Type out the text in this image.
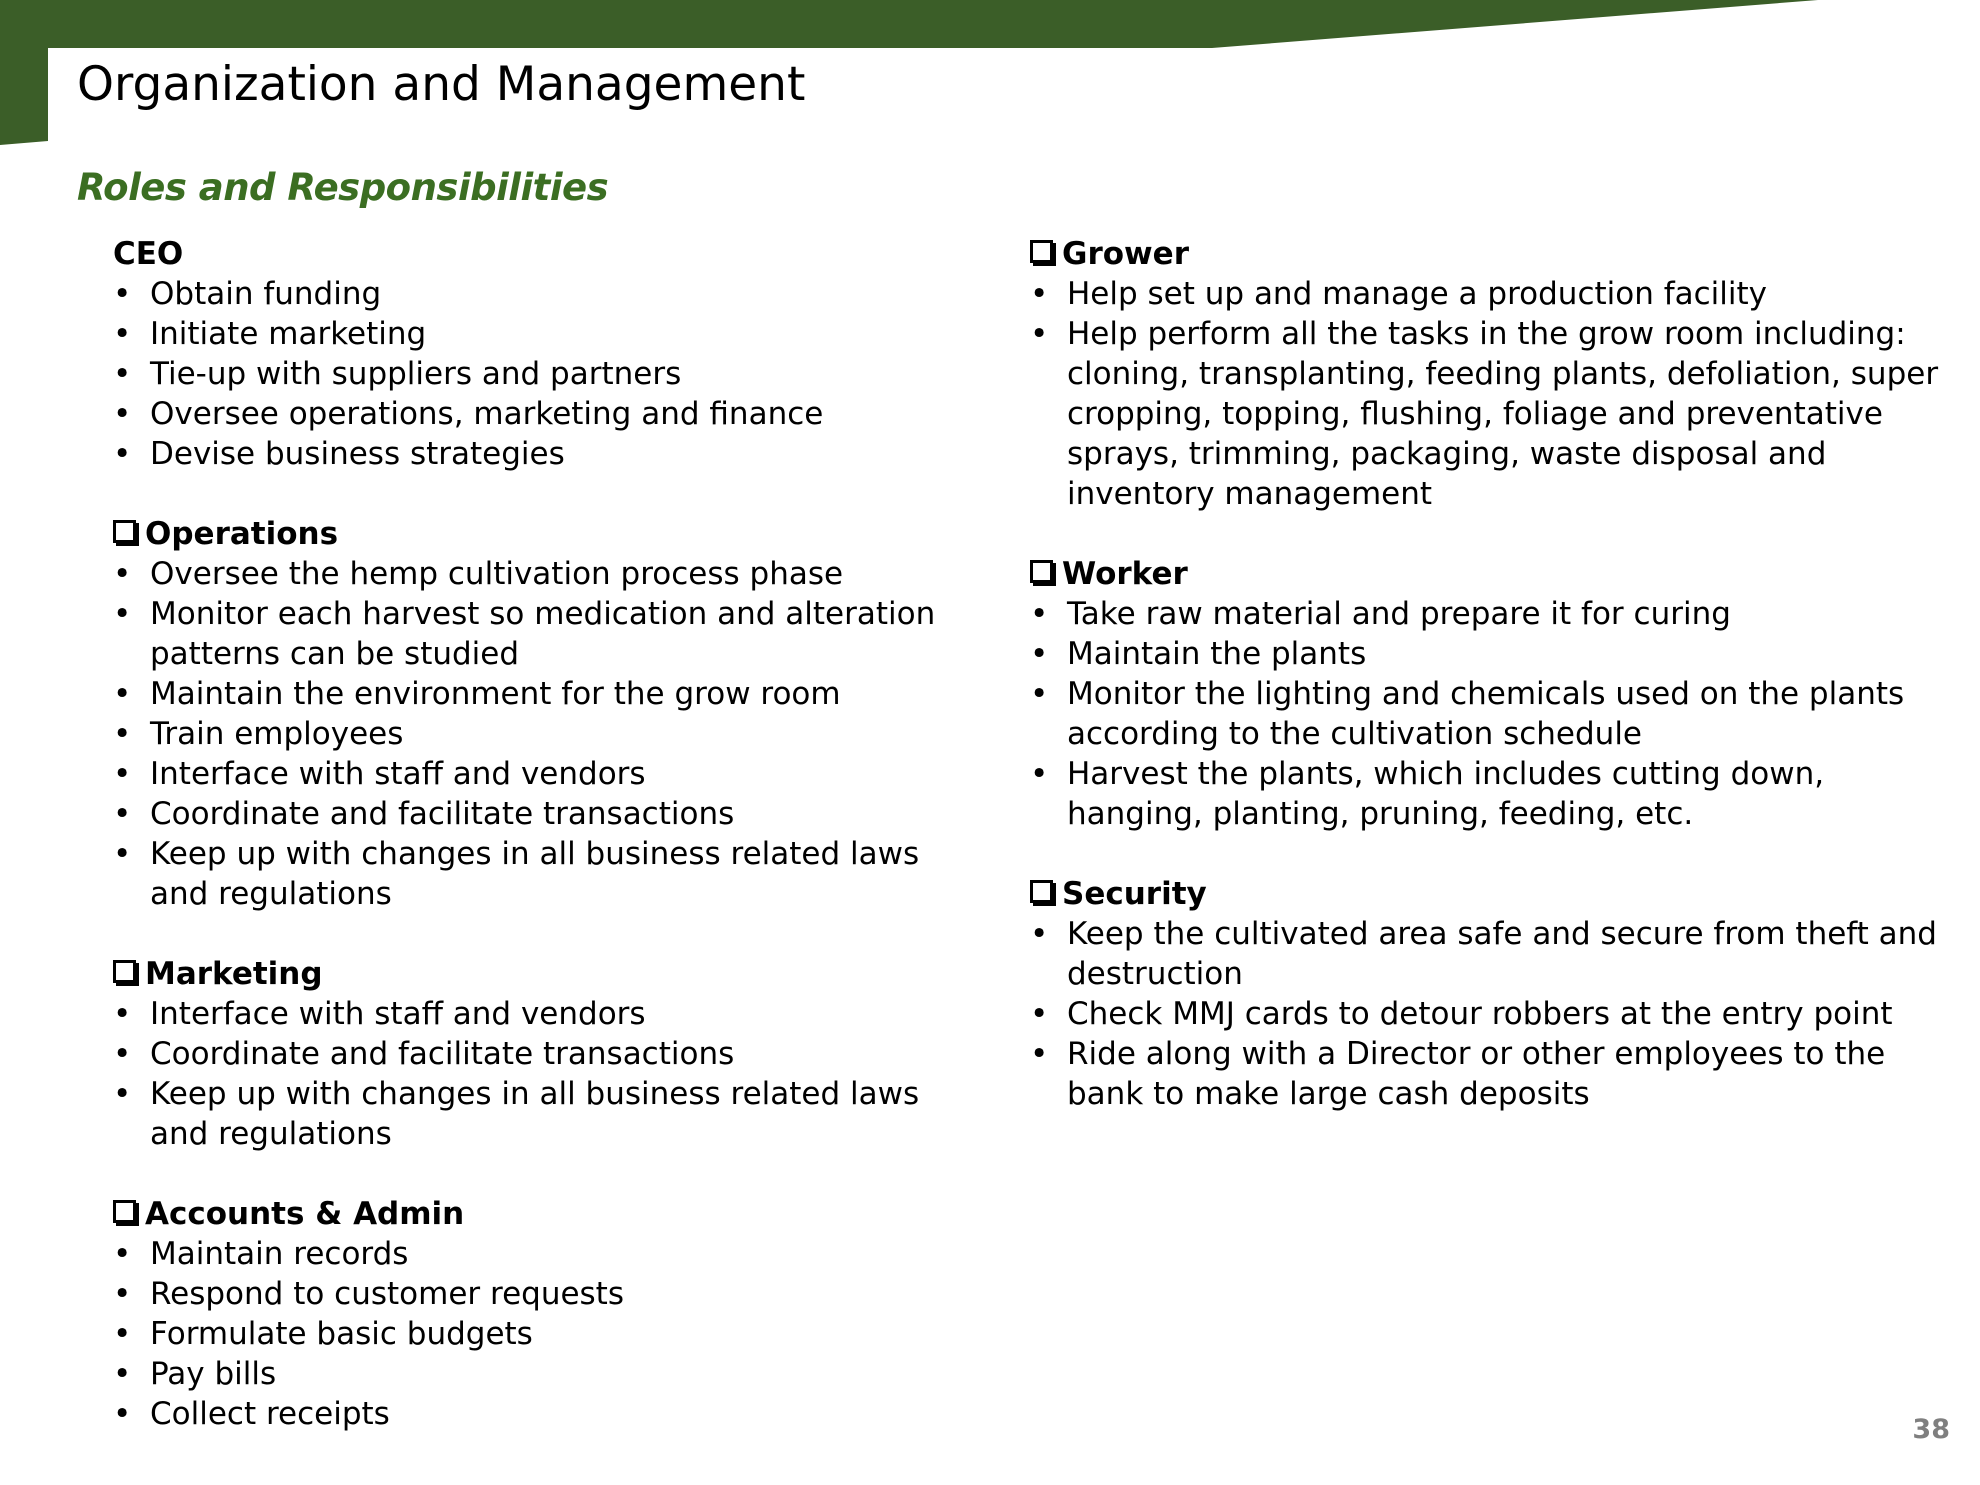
Organization and Management
Roles and Responsibilities
CEO
• Obtain funding
• Initiate marketing
• Tie-up with suppliers and partners
• Oversee operations, marketing and finance
• Devise business strategies
Operations
• Oversee the hemp cultivation process phase
• Monitor each harvest so medication and alteration patterns can be studied
• Maintain the environment for the grow room
• Train employees
• Interface with staff and vendors
• Coordinate and facilitate transactions
• Keep up with changes in all business related laws and regulations
Marketing
• Interface with staff and vendors
• Coordinate and facilitate transactions
• Keep up with changes in all business related laws and regulations
Accounts & Admin
• Maintain records
• Respond to customer requests
• Formulate basic budgets
• Pay bills
• Collect receipts
Grower
• Help set up and manage a production facility
• Help perform all the tasks in the grow room including: cloning, transplanting, feeding plants, defoliation, super cropping, topping, flushing, foliage and preventative sprays, trimming, packaging, waste disposal and inventory management
Worker
• Take raw material and prepare it for curing
• Maintain the plants
• Monitor the lighting and chemicals used on the plants according to the cultivation schedule
• Harvest the plants, which includes cutting down, hanging, planting, pruning, feeding, etc.
Security
• Keep the cultivated area safe and secure from theft and destruction
• Check MMJ cards to detour robbers at the entry point
• Ride along with a Director or other employees to the bank to make large cash deposits
38
